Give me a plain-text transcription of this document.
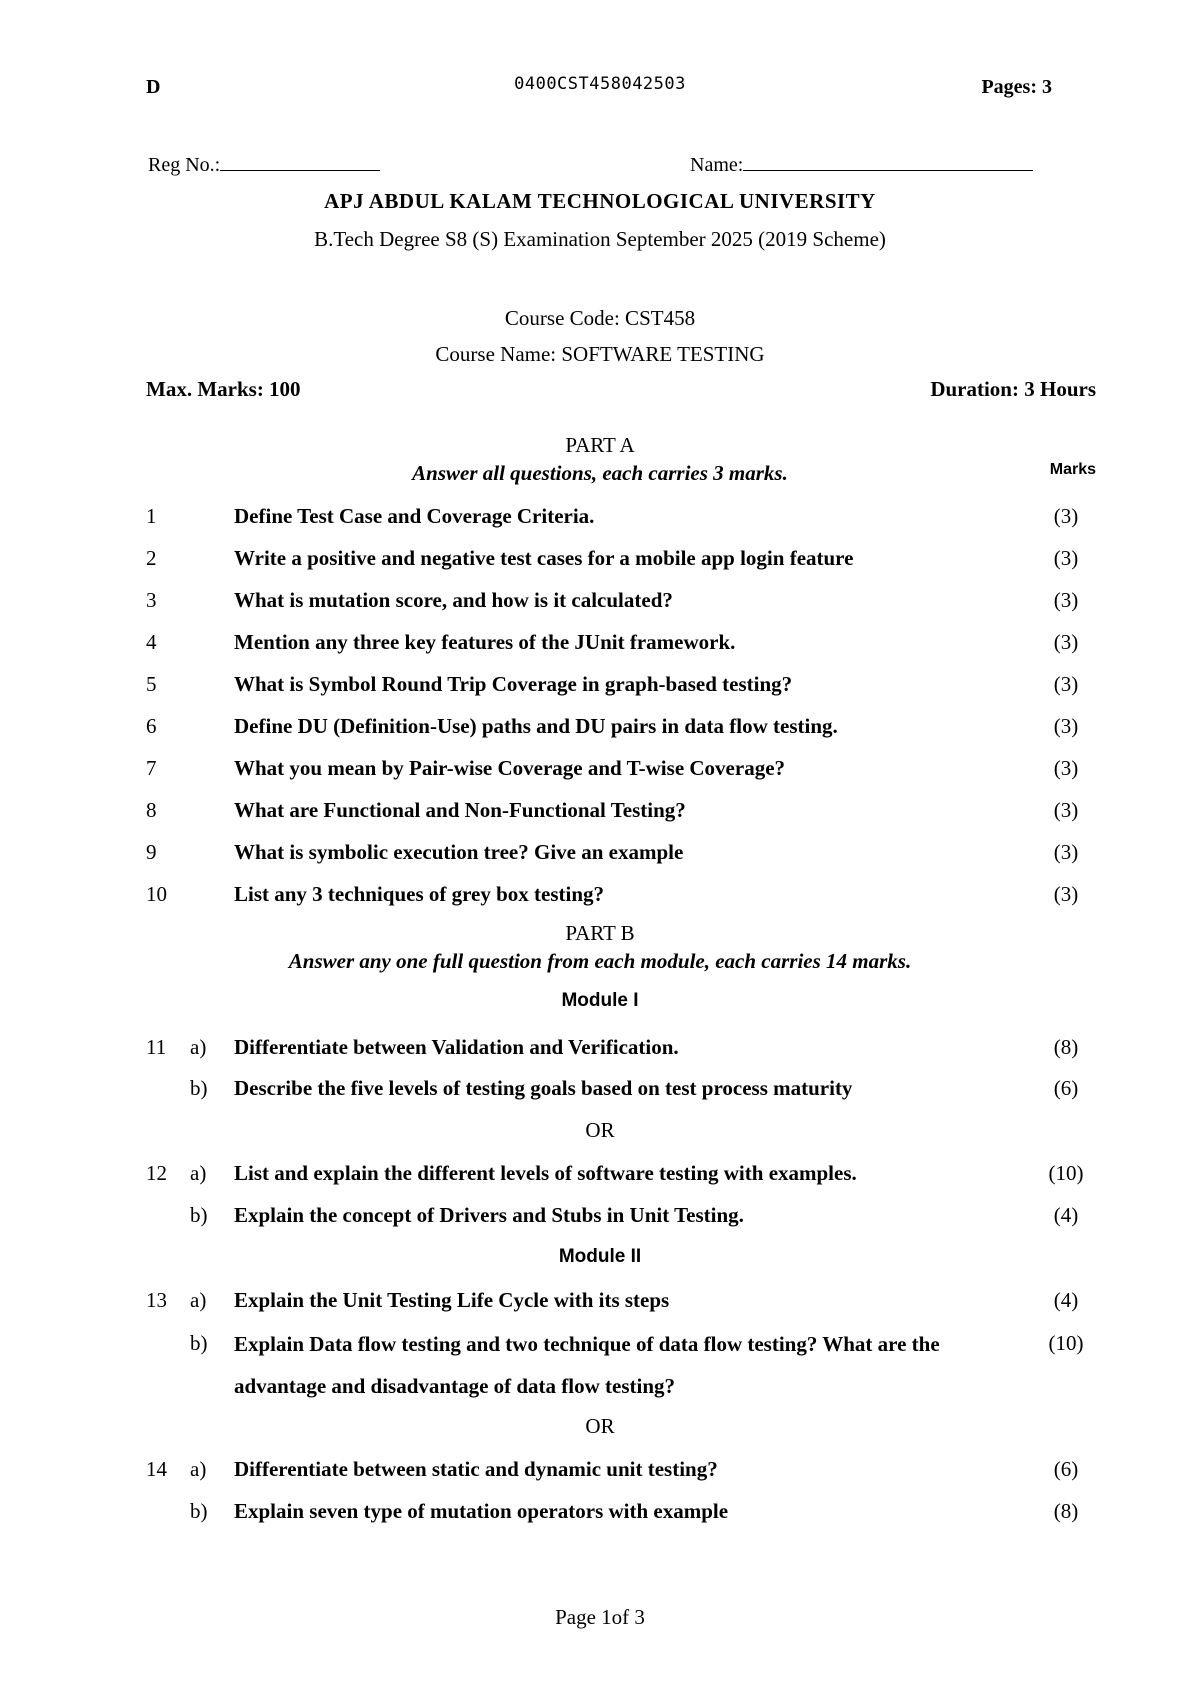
D	0400CST458042503	Pages: 3
Reg No.:	Name:
APJ ABDUL KALAM TECHNOLOGICAL UNIVERSITY
B.Tech Degree S8 (S) Examination September 2025 (2019 Scheme)
Course Code: CST458
Course Name: SOFTWARE TESTING
Max. Marks: 100	Duration: 3 Hours
PART A
Answer all questions, each carries 3 marks.	Marks
1	Define Test Case and Coverage Criteria.	(3)
2	Write a positive and negative test cases for a mobile app login feature	(3)
3	What is mutation score, and how is it calculated?	(3)
4	Mention any three key features of the JUnit framework.	(3)
5	What is Symbol Round Trip Coverage in graph-based testing?	(3)
6	Define DU (Definition-Use) paths and DU pairs in data flow testing.	(3)
7	What you mean by Pair-wise Coverage and T-wise Coverage?	(3)
8	What are Functional and Non-Functional Testing?	(3)
9	What is symbolic execution tree? Give an example	(3)
10	List any 3 techniques of grey box testing?	(3)
PART B
Answer any one full question from each module, each carries 14 marks.
Module I
11 a) Differentiate between Validation and Verification.	(8)
b) Describe the five levels of testing goals based on test process maturity	(6)
OR
12 a) List and explain the different levels of software testing with examples.	(10)
b) Explain the concept of Drivers and Stubs in Unit Testing.	(4)
Module II
13 a) Explain the Unit Testing Life Cycle with its steps	(4)
b) Explain Data flow testing and two technique of data flow testing? What are the advantage and disadvantage of data flow testing?
(10)
OR
14 a) Differentiate between static and dynamic unit testing?	(6)
b) Explain seven type of mutation operators with example	(8)
Page 1of 3
